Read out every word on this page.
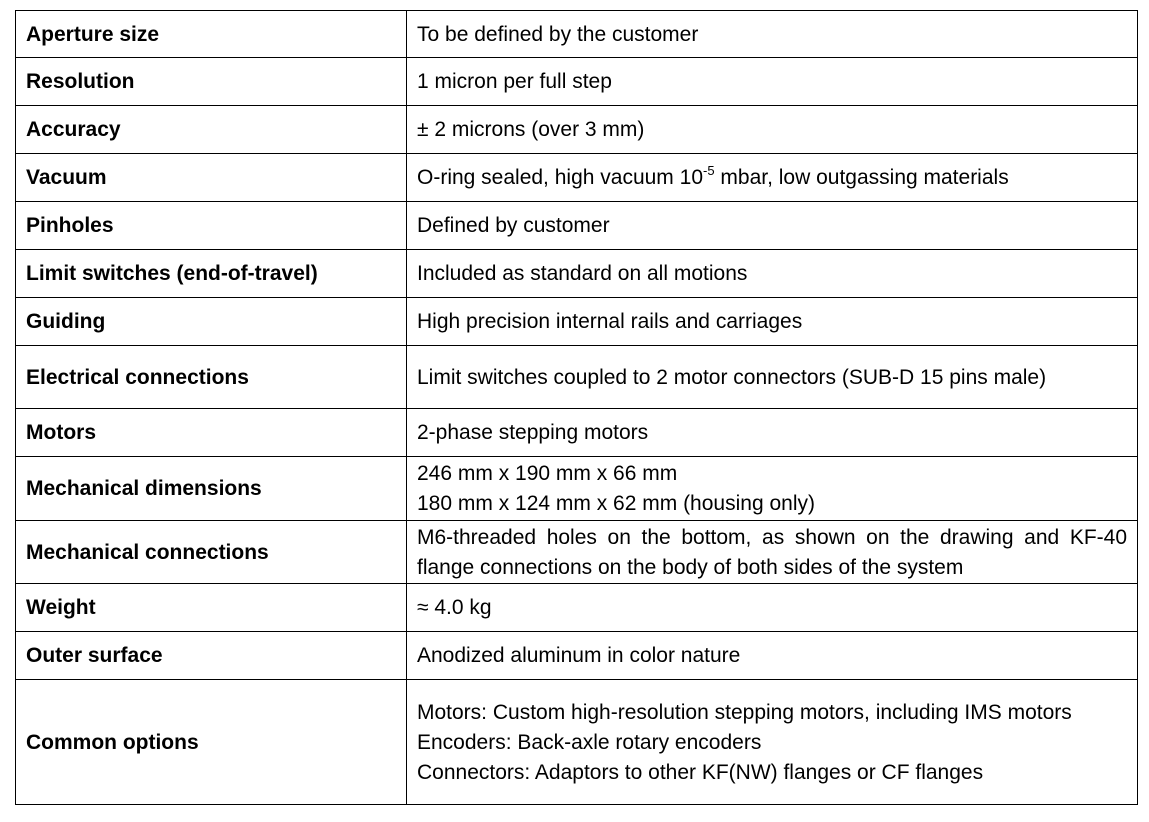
Aperture size	To be defined by the customer

Resolution	1 micron per full step

Accuracy	± 2 microns (over 3 mm)

Vacuum	O-ring sealed, high vacuum $10^{-5}$ mbar, low outgassing materials
Pinholes	Defined by customer

Limit switches (end-of-travel)	Included as standard on all motions

Guiding	High precision internal rails and carriages

Electrical connections	Limit switches coupled to 2 motor connectors (SUB-D 15 pins male)

Motors	2-phase stepping motors

Mechanical dimensions	246 mm x 190 mm x 66 mm
180 mm x 124 mm x 62 mm (housing only)

Mechanical connections	M6-threaded holes on the bottom, as shown on the drawing and KF-40 flange connections on the body of both sides of the system

Weight	≈ 4.0 kg

Outer surface	Anodized aluminum in color nature

Common options	Motors: Custom high-resolution stepping motors, including IMS motors
Encoders: Back-axle rotary encoders
Connectors: Adaptors to other KF(NW) flanges or CF flanges
